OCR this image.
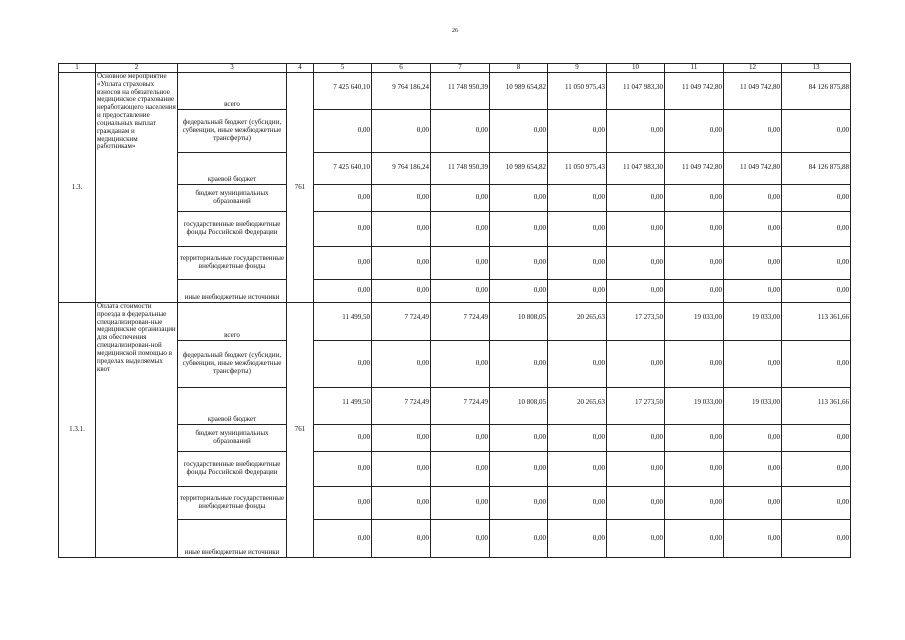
26
1	2	3	4	5	6	7	8	9	10	11	12	13
1.3.	Основное мероприятие «Уплата страховых взносов на обязательное медицинское страхование неработающего населения и предоставление социальных выплат гражданам и медицинским работникам»	всего	761	7 425 640,10	9 764 186,24	11 748 950,39	10 989 654,82	11 050 975,43	11 047 983,30	11 049 742,80	11 049 742,80	84 126 875,88
		федеральный бюджет (субсидии, субвенции, иные межбюджетные трансферты)		0,00	0,00	0,00	0,00	0,00	0,00	0,00	0,00	0,00
		краевой бюджет		7 425 640,10	9 764 186,24	11 748 950,39	10 989 654,82	11 050 975,43	11 047 983,30	11 049 742,80	11 049 742,80	84 126 875,88
		бюджет муниципальных образований		0,00	0,00	0,00	0,00	0,00	0,00	0,00	0,00	0,00
		государственные внебюджетные фонды Российской Федерации		0,00	0,00	0,00	0,00	0,00	0,00	0,00	0,00	0,00
		территориальные государственные внебюджетные фонды		0,00	0,00	0,00	0,00	0,00	0,00	0,00	0,00	0,00
		иные внебюджетные источники		0,00	0,00	0,00	0,00	0,00	0,00	0,00	0,00	0,00
1.3.1.	Оплата стоимости проезда в федеральные специализирован-ные медицинские организации для обеспечения специализирован-ной медицинской помощью в пределах выделяемых квот	всего	761	11 499,50	7 724,49	7 724,49	10 808,05	20 265,63	17 273,50	19 033,00	19 033,00	113 361,66
		федеральный бюджет (субсидии, субвенции, иные межбюджетные трансферты)		0,00	0,00	0,00	0,00	0,00	0,00	0,00	0,00	0,00
		краевой бюджет		11 499,50	7 724,49	7 724,49	10 808,05	20 265,63	17 273,50	19 033,00	19 033,00	113 361,66
		бюджет муниципальных образований		0,00	0,00	0,00	0,00	0,00	0,00	0,00	0,00	0,00
		государственные внебюджетные фонды Российской Федерации		0,00	0,00	0,00	0,00	0,00	0,00	0,00	0,00	0,00
		территориальные государственные внебюджетные фонды		0,00	0,00	0,00	0,00	0,00	0,00	0,00	0,00	0,00
		иные внебюджетные источники		0,00	0,00	0,00	0,00	0,00	0,00	0,00	0,00	0,00
